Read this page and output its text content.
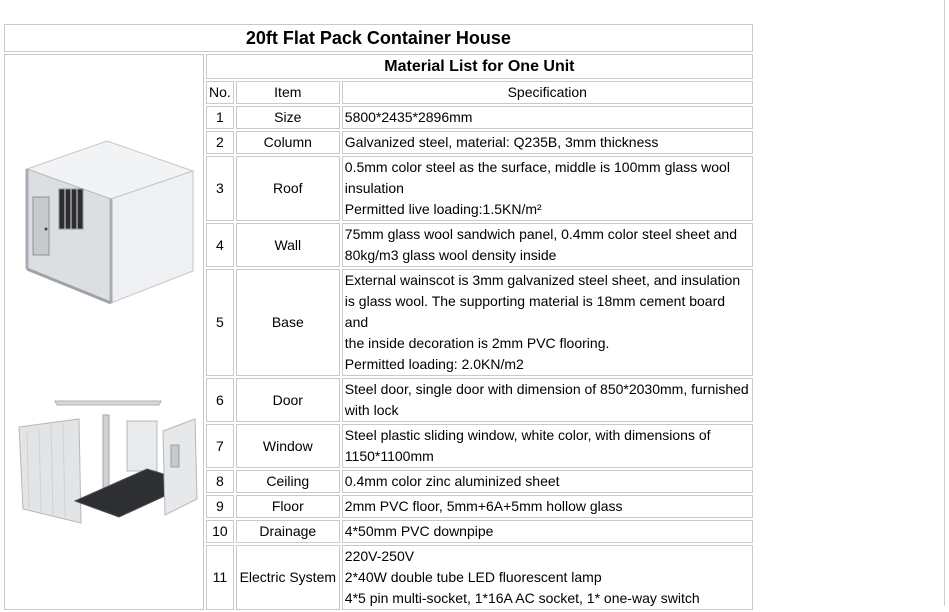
20ft Flat Pack Container House			

	Material List for One Unit		
	No.	Item	Specification
	1	Size	5800*2435*2896mm

	2	Column	Galvanized steel, material: Q235B, 3mm thickness

	3	Roof	0.5mm color steel as the surface, middle is 100mm glass wool
insulation
Permitted live loading:1.5KN/m²

	4	Wall	75mm glass wool sandwich panel, 0.4mm color steel sheet and
80kg/m3 glass wool density inside

	5	Base	External wainscot is 3mm galvanized steel sheet, and insulation
is glass wool. The supporting material is 18mm cement board and
the inside decoration is 2mm PVC flooring.
Permitted loading: 2.0KN/m2

	6	Door	Steel door, single door with dimension of 850*2030mm, furnished
with lock

	7	Window	Steel plastic sliding window, white color, with dimensions of
1150*1100mm

	8	Ceiling	0.4mm color zinc aluminized sheet

	9	Floor	2mm PVC floor, 5mm+6A+5mm hollow glass

	10	Drainage	4*50mm PVC downpipe

	11	Electric System	220V-250V
2*40W double tube LED fluorescent lamp
4*5 pin multi-socket, 1*16A AC socket, 1* one-way switch
